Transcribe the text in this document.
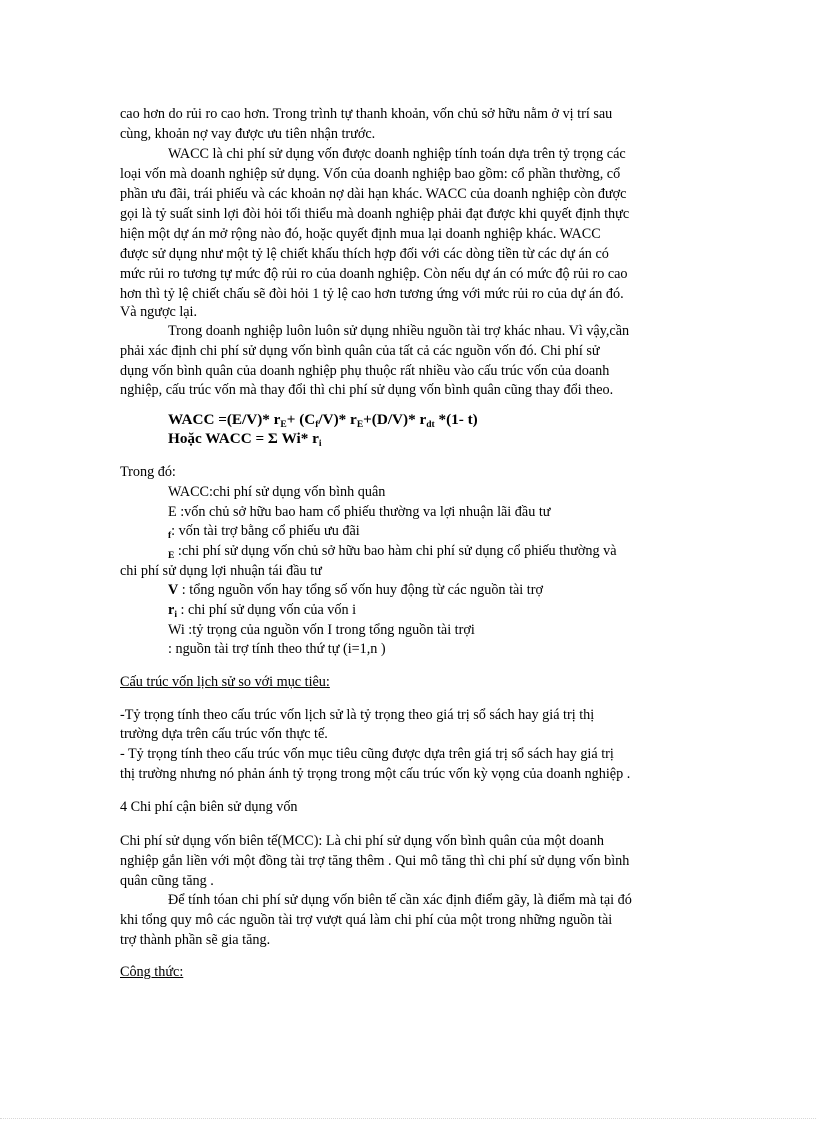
cao hơn do rủi ro cao hơn. Trong trình tự thanh khoản, vốn chủ sở hữu nằm ở vị trí sau
cùng, khoản nợ vay được ưu tiên nhận trước.
WACC là chi phí sử dụng vốn được doanh nghiệp tính toán dựa trên tỷ trọng các
loại vốn mà doanh nghiệp sử dụng. Vốn của doanh nghiệp bao gồm: cổ phần thường, cổ
phần ưu đãi, trái phiếu và các khoản nợ dài hạn khác. WACC của doanh nghiệp còn được
gọi là tỷ suất sinh lợi đòi hỏi tối thiểu mà doanh nghiệp phải đạt được khi quyết định thực
hiện một dự án mở rộng nào đó, hoặc quyết định mua lại doanh nghiệp khác. WACC
được sử dụng như một tỷ lệ chiết khấu thích hợp đối với các dòng tiền từ các dự án có
mức rủi ro tương tự mức độ rủi ro của doanh nghiệp. Còn nếu dự án có mức độ rủi ro cao
hơn thì tỷ lệ chiết chấu sẽ đòi hỏi 1 tỷ lệ cao hơn tương ứng với mức rủi ro của dự án đó.
Và ngược lại.
Trong doanh nghiệp luôn luôn sử dụng nhiều nguồn tài trợ khác nhau. Vì vậy,cần
phải xác định chi phí sử dụng vốn bình quân của tất cả các nguồn vốn đó. Chi phí sử
dụng vốn bình quân của doanh nghiệp phụ thuộc rất nhiều vào cấu trúc vốn của doanh
nghiệp, cấu trúc vốn mà thay đổi thì chi phí sử dụng vốn bình quân cũng thay đổi theo.
WACC =(E/V)* $r_E+ (C_f/V)*$ $r_E+(D/V)*$ $r_{dt}$ *(1- t)
Hoặc WACC = Σ Wi* $r_i$
Trong đó:
WACC:chi phí sử dụng vốn bình quân
E :vốn chủ sở hữu bao ham cổ phiếu thường va lợi nhuận lãi đầu tư
$_f$: vốn tài trợ bằng cổ phiếu ưu đãi
$_E$ :chi phí sử dụng vốn chủ sở hữu bao hàm chi phí sử dụng cổ phiếu thường và
chi phí sử dụng lợi nhuận tái đầu tư
V : tổng nguồn vốn hay tổng số vốn huy động từ các nguồn tài trợ
$r_i$ : chi phí sử dụng vốn của vốn i
Wi :tỷ trọng của nguồn vốn I trong tổng nguồn tài trợi
: nguồn tài trợ tính theo thứ tự (i=1,n )
Cấu trúc vốn lịch sử so với mục tiêu:
-Tỷ trọng tính theo cấu trúc vốn lịch sử là tỷ trọng theo giá trị sổ sách hay giá trị thị
trường dựa trên cấu trúc vốn thực tế.
- Tỷ trọng tính theo cấu trúc vốn mục tiêu cũng được dựa trên giá trị sổ sách hay giá trị
thị trường nhưng nó phản ánh tỷ trọng trong một cấu trúc vốn kỳ vọng của doanh nghiệp .
4 Chi phí cận biên sử dụng vốn
Chi phí sử dụng vốn biên tế(MCC): Là chi phí sử dụng vốn bình quân của một doanh
nghiệp gắn liền với một đồng tài trợ tăng thêm . Qui mô tăng thì chi phí sử dụng vốn bình
quân cũng tăng .
Để tính tóan chi phí sử dụng vốn biên tế cần xác định điểm gãy, là điểm mà tại đó
khi tổng quy mô các nguồn tài trợ vượt quá làm chi phí của một trong những nguồn tài
trợ thành phần sẽ gia tăng.
Công thức:
